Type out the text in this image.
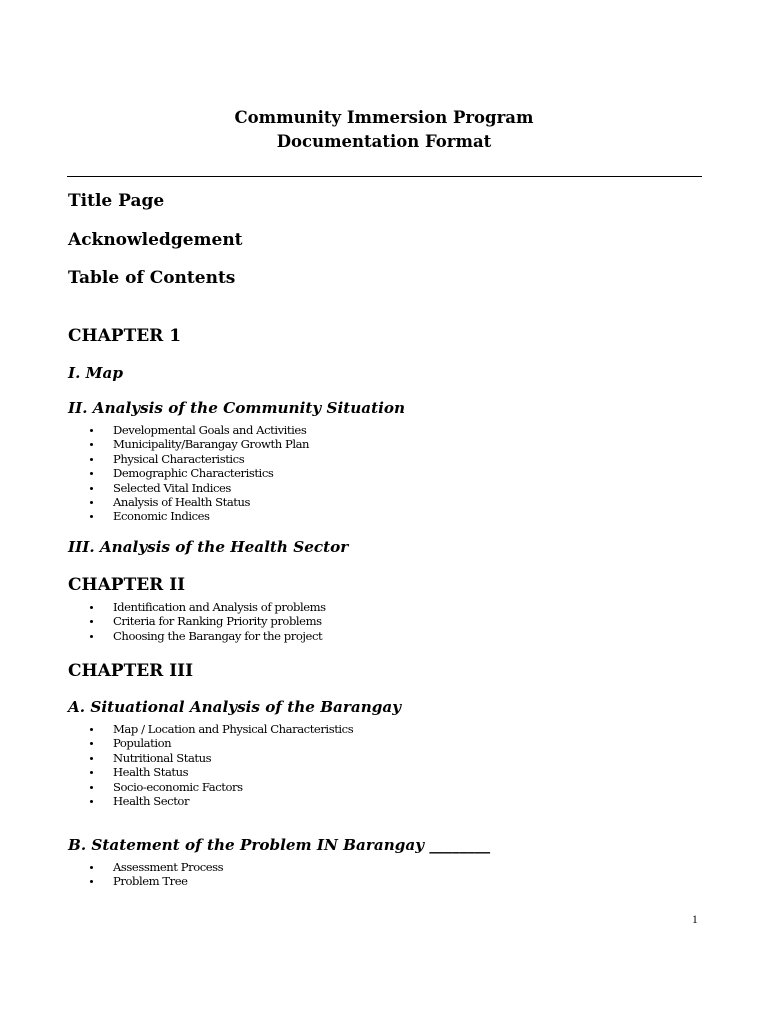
Community Immersion Program
Documentation Format
Title Page
Acknowledgement
Table of Contents
CHAPTER 1
I. Map
II. Analysis of the Community Situation
Developmental Goals and Activities
Municipality/Barangay Growth Plan
Physical Characteristics
Demographic Characteristics
Selected Vital Indices
Analysis of Health Status
Economic Indices
III. Analysis of the Health Sector
CHAPTER II
Identification and Analysis of problems
Criteria for Ranking Priority problems
Choosing the Barangay for the project
CHAPTER III
A. Situational Analysis of the Barangay
Map / Location and Physical Characteristics
Population
Nutritional Status
Health Status
Socio-economic Factors
Health Sector
B. Statement of the Problem IN Barangay ________
Assessment Process
Problem Tree
1
